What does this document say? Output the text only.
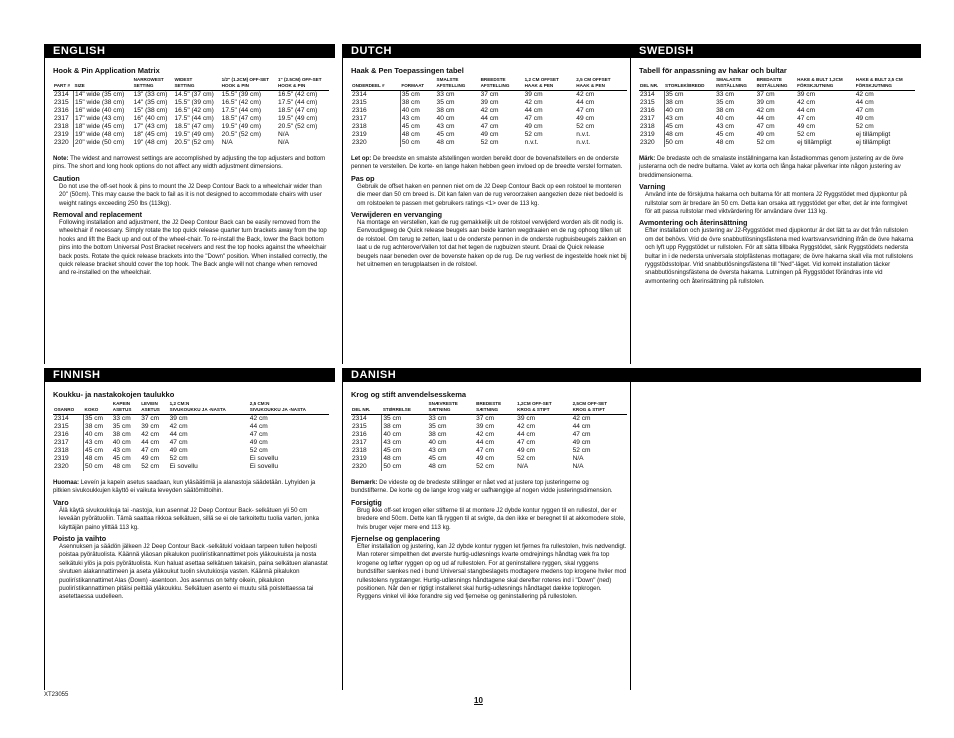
ENGLISH
Hook & Pin Application Matrix
		NARROWEST	WIDEST	1/2" (1.2CM) OFF-SET	1" (2.5CM) OFF-SET
PART #	SIZE	SETTING	SETTING	HOOK & PIN	HOOK & PIN
2314	14" wide (35 cm)	13" (33 cm)	14.5" (37 cm)	15.5" (39 cm)	16.5" (42 cm)
2315	15" wide (38 cm)	14" (35 cm)	15.5" (39 cm)	16.5" (42 cm)	17.5" (44 cm)
2316	16" wide (40 cm)	15" (38 cm)	16.5" (42 cm)	17.5" (44 cm)	18.5" (47 cm)
2317	17" wide (43 cm)	16" (40 cm)	17.5" (44 cm)	18.5" (47 cm)	19.5" (49 cm)
2318	18" wide (45 cm)	17" (43 cm)	18.5" (47 cm)	19.5" (49 cm)	20.5" (52 cm)
2319	19" wide (48 cm)	18" (45 cm)	19.5" (49 cm)	20.5" (52 cm)	N/A
2320	20" wide (50 cm)	19" (48 cm)	20.5" (52 cm)	N/A	N/A

Note: The widest and narrowest settings are accomplished by adjusting the top adjusters and bottom pins. The short and long hook options do not affect any width adjustment dimensions.

Caution

Do not use the off-set hook & pins to mount the J2 Deep Contour Back to a wheelchair wider than 20" (50cm). This may cause the back to fail as it is not designed to accommodate chairs with user weight ratings exceeding 250 lbs (113kg).

Removal and replacement

Following installation and adjustment, the J2 Deep Contour Back can be easily removed from the wheelchair if necessary. Simply rotate the top quick release quarter turn brackets away from the top hooks and lift the Back up and out of the wheel-chair. To re-install the Back, lower the Back bottom pins into the bottom Universal Post Bracket receivers and rest the top hooks against the wheelchair back posts. Rotate the quick release brackets into the "Down" position. When installed correctly, the quick release bracket should cover the top hook. The Back angle will not change when removed and re-installed on the wheelchair.

DUTCH
Haak & Pen Toepassingen tabel
		SMALSTE	BREEDSTE	1,2 CM OFFSET	2,5 CM OFFSET
ONDERDEEL #	FORMAAT	AFSTELLING	AFSTELLING	HAAK & PEN	HAAK & PEN
2314	35 cm	33 cm	37 cm	39 cm	42 cm
2315	38 cm	35 cm	39 cm	42 cm	44 cm
2316	40 cm	38 cm	42 cm	44 cm	47 cm
2317	43 cm	40 cm	44 cm	47 cm	49 cm
2318	45 cm	43 cm	47 cm	49 cm	52 cm
2319	48 cm	45 cm	49 cm	52 cm	n.v.t.
2320	50 cm	48 cm	52 cm	n.v.t.	n.v.t.

Let op: De breedste en smalste afstellingen worden bereikt door de bovenafstellers en de onderste pennen te verstellen. De korte- en lange haken hebben geen invloed op de breedte verstel formaten.

Pas op

Gebruik de offset haken en pennen niet om de J2 Deep Contour Back op een rolstoel te monteren die meer dan 50 cm breed is. Dit kan falen van de rug veroorzaken aangezien deze niet bedoeld is om rolstoelen te passen met gebruikers ratings <1> over de 113 kg.

Verwijderen en vervanging

Na montage en verstellen, kan de rug gemakkelijk uit de rolstoel verwijderd worden als dit nodig is. Eenvoudigweg de Quick release beugels aan beide kanten wegdraaien en de rug ophoog tillen uit de rolstoel. Om terug te zetten, laat u de onderste pennen in de onderste rugbuisbeugels zakken en laat u de rug achteroverVallen tot dat het tegen de rugbuizen steunt. Draai de Quick release beugels naar beneden over de bovenste haken op de rug. De rug verliest de ingestelde hoek niet bij het uitnemen en terugplaatsen in de rolstoel.

SWEDISH
Tabell för anpassning av hakar och bultar
		SMALASTE	BREDASTE	HAKE & BULT 1,2CM	HAKE & BULT 2,5 CM
DEL NR.	STORLEK/BREDD	INSTÄLLNING	INSTÄLLNING	FÖRSKJUTNING	FÖRSKJUTNING
2314	35 cm	33 cm	37 cm	39 cm	42 cm
2315	38 cm	35 cm	39 cm	42 cm	44 cm
2316	40 cm	38 cm	42 cm	44 cm	47 cm
2317	43 cm	40 cm	44 cm	47 cm	49 cm
2318	45 cm	43 cm	47 cm	49 cm	52 cm
2319	48 cm	45 cm	49 cm	52 cm	ej tillämpligt
2320	50 cm	48 cm	52 cm	ej tillämpligt	ej tillämpligt

Märk: De bredaste och de smalaste inställningarna kan åstadkommas genom justering av de övre justerarna och de nedre bultarna. Valet av korta och långa hakar påverkar inte någon justering av breddimensionerna.

Varning

Använd inte de förskjutna hakarna och bultarna för att montera J2 Ryggstödet med djupkontur på rullstolar som är bredare än 50 cm. Detta kan orsaka att ryggstödet ger efter, det är inte formgivet för att passa rullstolar med viktvärdering för användare över 113 kg.

Avmontering och återinsättning

Efter installation och justering av J2-Ryggstödet med djupkontur är det lätt ta av det från rullstolen om det behövs. Vrid de övre snabbutlösningsfästena med kvartsvarvsvridning ifrån de övre hakarna och lyft upp Ryggstödet ur rullstolen. För att sätta tillbaka Ryggstödet, sänk Ryggstödets nedersta bultar in i de nedersta universala stolpfästenas mottagare; de övre hakarna skall vila mot rullstolens ryggstödsstolpar. Vrid snabbutlösningsfästena till "Ned"-läget. Vid korrekt installation täcker snabbutlösningsfästena de översta hakarna. Lutningen på Ryggstödet förändras inte vid avmontering och återinsättning på rullstolen.

FINNISH
Koukku- ja nastakokojen taulukko
		KAPEIN	LEVEIN	1,2 CM:N	2,5 CM:N
OSANRO	KOKO	ASETUS	ASETUS	SIVUKOUKKU JA -NASTA	SIVUKOUKKU JA -NASTA
2314	35 cm	33 cm	37 cm	39 cm	42 cm
2315	38 cm	35 cm	39 cm	42 cm	44 cm
2316	40 cm	38 cm	42 cm	44 cm	47 cm
2317	43 cm	40 cm	44 cm	47 cm	49 cm
2318	45 cm	43 cm	47 cm	49 cm	52 cm
2319	48 cm	45 cm	49 cm	52 cm	Ei sovellu
2320	50 cm	48 cm	52 cm	Ei sovellu	Ei sovellu

Huomaa: Leveín ja kapein asetus saadaan, kun yläsäätimiä ja alanastoja säädetään. Lyhyiden ja pitkien sivukoukkujen käyttö ei vaikuta leveyden säätömittoihin.

Varo

Älä käytä sivukoukkuja tai -nastoja, kun asennat J2 Deep Contour Back- selkätuen yli 50 cm leveään pyörätuoliin. Tämä saattaa rikkoa selkätuen, sillä se ei ole tarkoitettu tuolia varten, jonka käyttäjän paino ylittää 113 kg.

Poisto ja vaihto

Asennuksen ja säädön jälkeen J2 Deep Contour Back -selkätukí voidaan tarpeen tullen helposti poistaa pyörätuolista. Käännä yläosan pikalukon puolirístikannattimet pois yläkoukuista ja nosta selkätuki ylös ja pois pyörätuolista. Kun haluat asettaa selkätuen takaisin, paina selkätuen alanastat sivutuen alakannattimeen ja aseta yläkoukut tuolin sivutukiosja vasten. Käännä pikalukon puolirístikannattimet Alas (Down) -asentoon. Jos asennus on tehty oikein, pikalukon puolirístikannattimen pitäisi peittää yläkoukku. Selkätuen asento ei muutu sitä poistettaessa tai asetettaessa uudelleen.

DANISH
Krog og stift anvendelsesskema
		SNÆVRESTE	BREDESTE	1,2CM OFF-SET	2,5CM OFF-SET
DEL NR.	STØRRELSE	SÆTNING	SÆTNING	KROG & STIFT	KROG & STIFT
2314	35 cm	33 cm	37 cm	39 cm	42 cm
2315	38 cm	35 cm	39 cm	42 cm	44 cm
2316	40 cm	38 cm	42 cm	44 cm	47 cm
2317	43 cm	40 cm	44 cm	47 cm	49 cm
2318	45 cm	43 cm	47 cm	49 cm	52 cm
2319	48 cm	45 cm	49 cm	52 cm	N/A
2320	50 cm	48 cm	52 cm	N/A	N/A

Bemærk: De videste og de bredeste stillinger er nået ved at justere top justeringerne og bundstifterne. De korte og de lange krog valg er uafhængige af nogen vidde justeringsdimension.

Forsigtig

Brug ikke off-set krogen eller stifterne til at montere J2 dybde kontur ryggen til en rullestol, der er bredere end 50cm. Dette kan få ryggen til at svigte, da den ikke er beregnet til at akkomodere stole, hvis bruger vejer mere end 113 kg.

Fjernelse og genplacering

Efter installation og justering, kan J2 dybde kontur ryggen let fjernes fra rullestolen, hvis nødvendigt. Man roterer simpelthen det øverste hurtig-udløsnings kvarte omdrejnings håndtag væk fra top krogene og løfter ryggen op og ud af rullestolen. For at geninstallere ryggen, skal ryggens bundstifter sænkes ned i bund Universal stangbeslagets modtagere medens top krogene hviler mod rullestolens rygstænger. Hurtig-udløsnings håndtagene skal derefter roteres ind i "Down" (ned) positionen. Når den er rigtigt installeret skal hurtig-udløsnings håndtaget dække topkrogen. Ryggens vinkel vil ikke forandre sig ved fjernelse og geninstallering på rullestolen.

XT23055
10
